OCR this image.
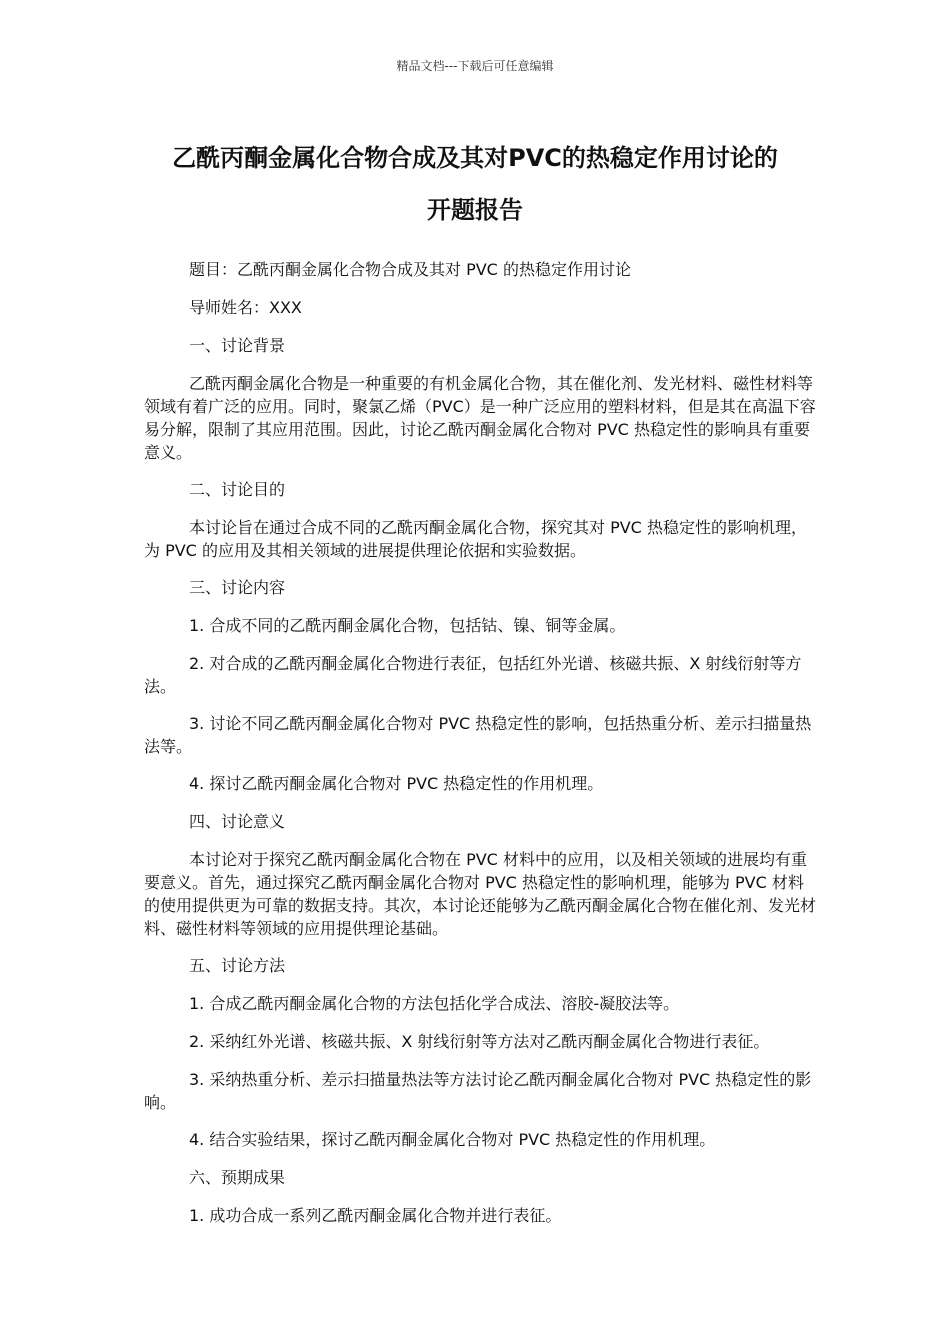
精品文档---下载后可任意编辑
乙酰丙酮金属化合物合成及其对PVC的热稳定作用讨论的
开题报告

题目：乙酰丙酮金属化合物合成及其对 PVC 的热稳定作用讨论

导师姓名：XXX

一、讨论背景

乙酰丙酮金属化合物是一种重要的有机金属化合物，其在催化剂、发光材料、磁性材料等领域有着广泛的应用。同时，聚氯乙烯（PVC）是一种广泛应用的塑料材料，但是其在高温下容易分解，限制了其应用范围。因此，讨论乙酰丙酮金属化合物对 PVC 热稳定性的影响具有重要意义。

二、讨论目的

本讨论旨在通过合成不同的乙酰丙酮金属化合物，探究其对 PVC 热稳定性的影响机理，为 PVC 的应用及其相关领域的进展提供理论依据和实验数据。

三、讨论内容

1. 合成不同的乙酰丙酮金属化合物，包括钴、镍、铜等金属。

2. 对合成的乙酰丙酮金属化合物进行表征，包括红外光谱、核磁共振、X 射线衍射等方法。

3. 讨论不同乙酰丙酮金属化合物对 PVC 热稳定性的影响，包括热重分析、差示扫描量热法等。

4. 探讨乙酰丙酮金属化合物对 PVC 热稳定性的作用机理。

四、讨论意义

本讨论对于探究乙酰丙酮金属化合物在 PVC 材料中的应用，以及相关领域的进展均有重要意义。首先，通过探究乙酰丙酮金属化合物对 PVC 热稳定性的影响机理，能够为 PVC 材料的使用提供更为可靠的数据支持。其次，本讨论还能够为乙酰丙酮金属化合物在催化剂、发光材料、磁性材料等领域的应用提供理论基础。

五、讨论方法

1. 合成乙酰丙酮金属化合物的方法包括化学合成法、溶胶-凝胶法等。

2. 采纳红外光谱、核磁共振、X 射线衍射等方法对乙酰丙酮金属化合物进行表征。

3. 采纳热重分析、差示扫描量热法等方法讨论乙酰丙酮金属化合物对 PVC 热稳定性的影响。

4. 结合实验结果，探讨乙酰丙酮金属化合物对 PVC 热稳定性的作用机理。

六、预期成果

1. 成功合成一系列乙酰丙酮金属化合物并进行表征。
